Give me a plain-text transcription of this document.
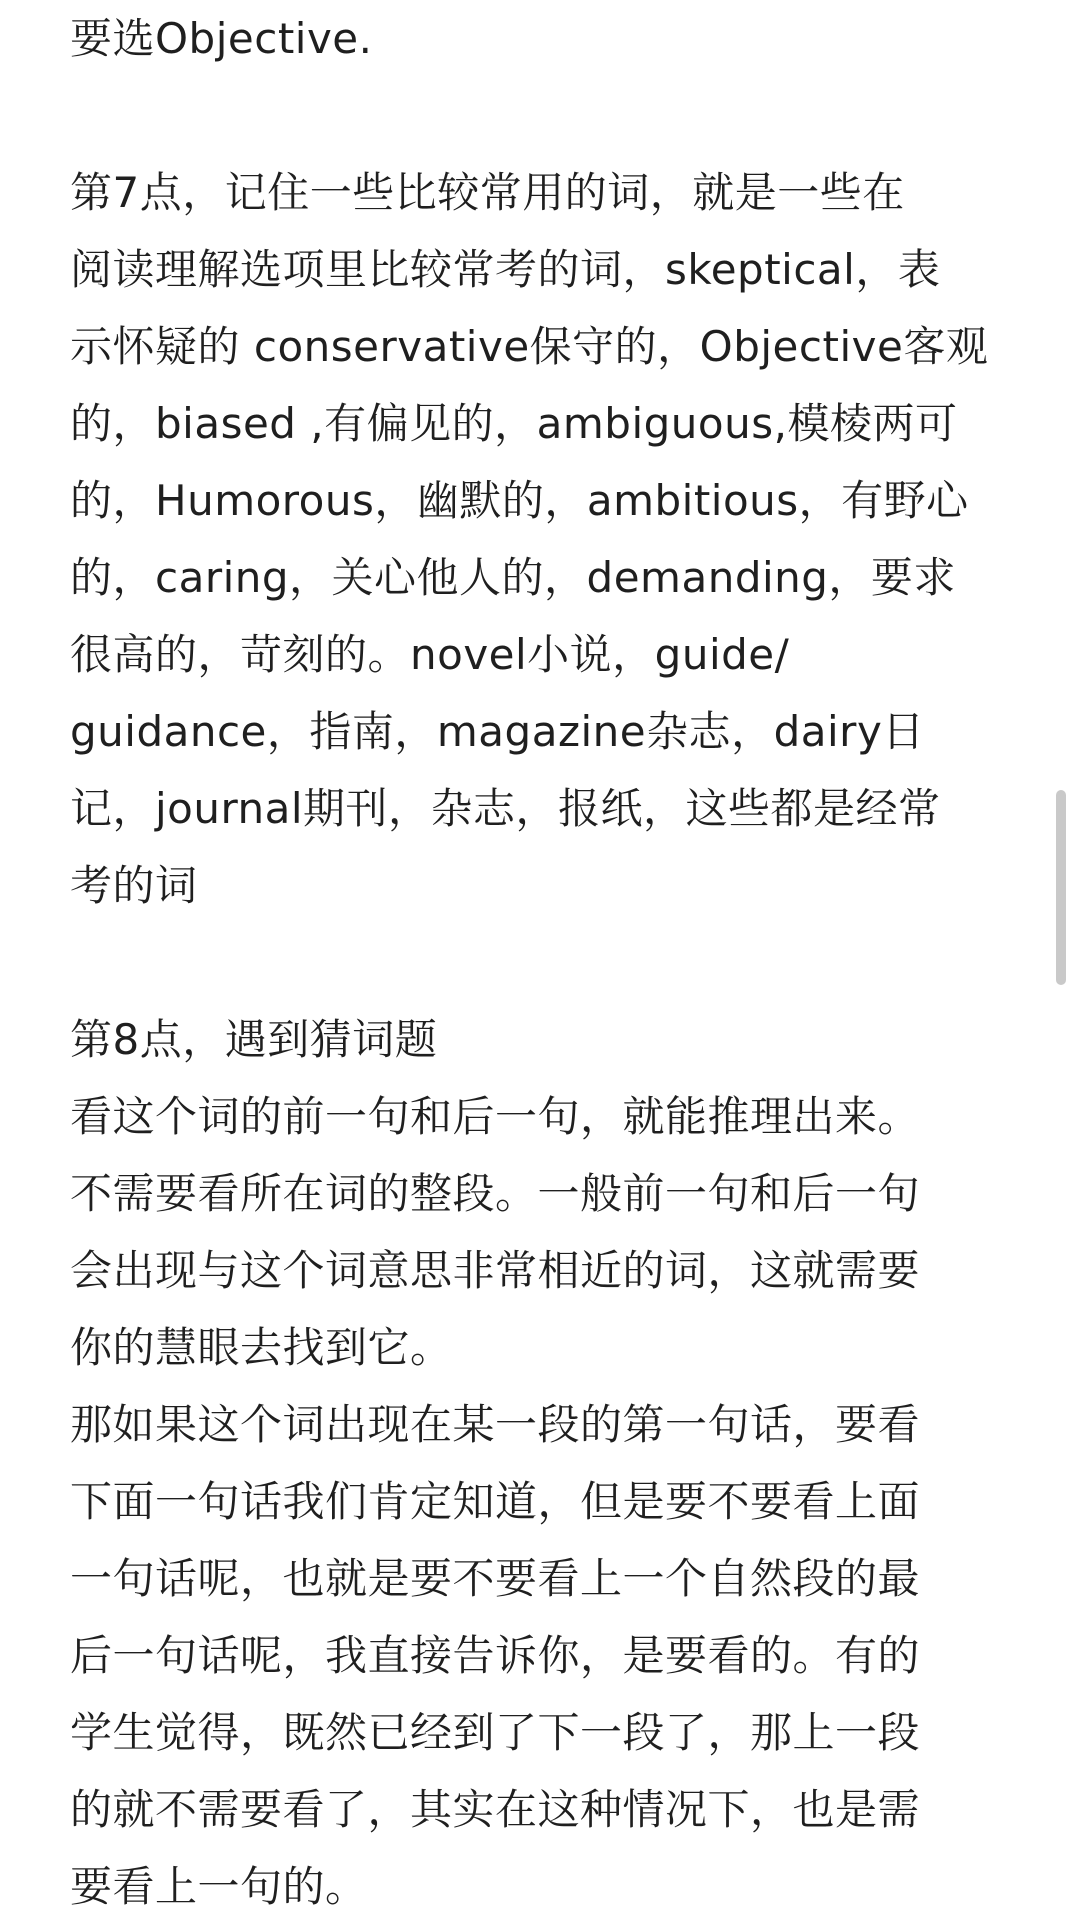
要选Objective.
第7点，记住一些比较常用的词，就是一些在
阅读理解选项里比较常考的词，skeptical，表
示怀疑的 conservative保守的，Objective客观
的，biased ,有偏见的，ambiguous,模棱两可
的，Humorous，幽默的，ambitious，有野心
的，caring，关心他人的，demanding，要求
很高的，苛刻的。novel小说，guide/
guidance，指南，magazine杂志，dairy日
记，journal期刊，杂志，报纸，这些都是经常
考的词
第8点，遇到猜词题
看这个词的前一句和后一句，就能推理出来。
不需要看所在词的整段。一般前一句和后一句
会出现与这个词意思非常相近的词，这就需要
你的慧眼去找到它。
那如果这个词出现在某一段的第一句话，要看
下面一句话我们肯定知道，但是要不要看上面
一句话呢，也就是要不要看上一个自然段的最
后一句话呢，我直接告诉你，是要看的。有的
学生觉得，既然已经到了下一段了，那上一段
的就不需要看了，其实在这种情况下，也是需
要看上一句的。
